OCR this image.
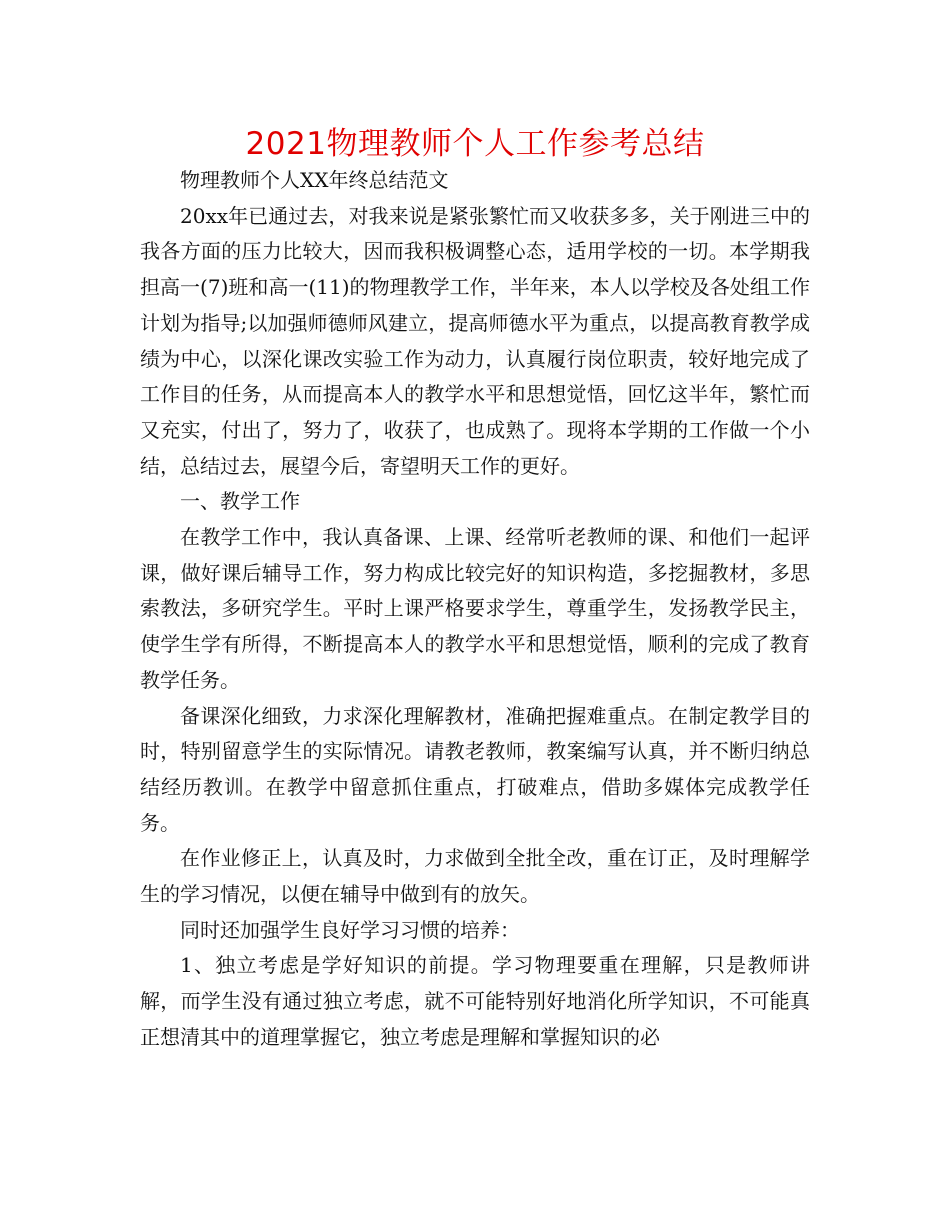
2021物理教师个人工作参考总结

物理教师个人XX年终总结范文

20xx年已通过去，对我来说是紧张繁忙而又收获多多，关于刚进三中的我各方面的压力比较大，因而我积极调整心态，适用学校的一切。本学期我担高一(7)班和高一(11)的物理教学工作，半年来，本人以学校及各处组工作计划为指导;以加强师德师风建立，提高师德水平为重点，以提高教育教学成绩为中心，以深化课改实验工作为动力，认真履行岗位职责，较好地完成了工作目的任务，从而提高本人的教学水平和思想觉悟，回忆这半年，繁忙而又充实，付出了，努力了，收获了，也成熟了。现将本学期的工作做一个小结，总结过去，展望今后，寄望明天工作的更好。

一、教学工作

在教学工作中，我认真备课、上课、经常听老教师的课、和他们一起评课，做好课后辅导工作，努力构成比较完好的知识构造，多挖掘教材，多思索教法，多研究学生。平时上课严格要求学生，尊重学生，发扬教学民主，使学生学有所得，不断提高本人的教学水平和思想觉悟，顺利的完成了教育教学任务。

备课深化细致，力求深化理解教材，准确把握难重点。在制定教学目的时，特别留意学生的实际情况。请教老教师，教案编写认真，并不断归纳总结经历教训。在教学中留意抓住重点，打破难点，借助多媒体完成教学任务。

在作业修正上，认真及时，力求做到全批全改，重在订正，及时理解学生的学习情况，以便在辅导中做到有的放矢。

同时还加强学生良好学习习惯的培养：

1、独立考虑是学好知识的前提。学习物理要重在理解，只是教师讲解，而学生没有通过独立考虑，就不可能特别好地消化所学知识，不可能真正想清其中的道理掌握它，独立考虑是理解和掌握知识的必
